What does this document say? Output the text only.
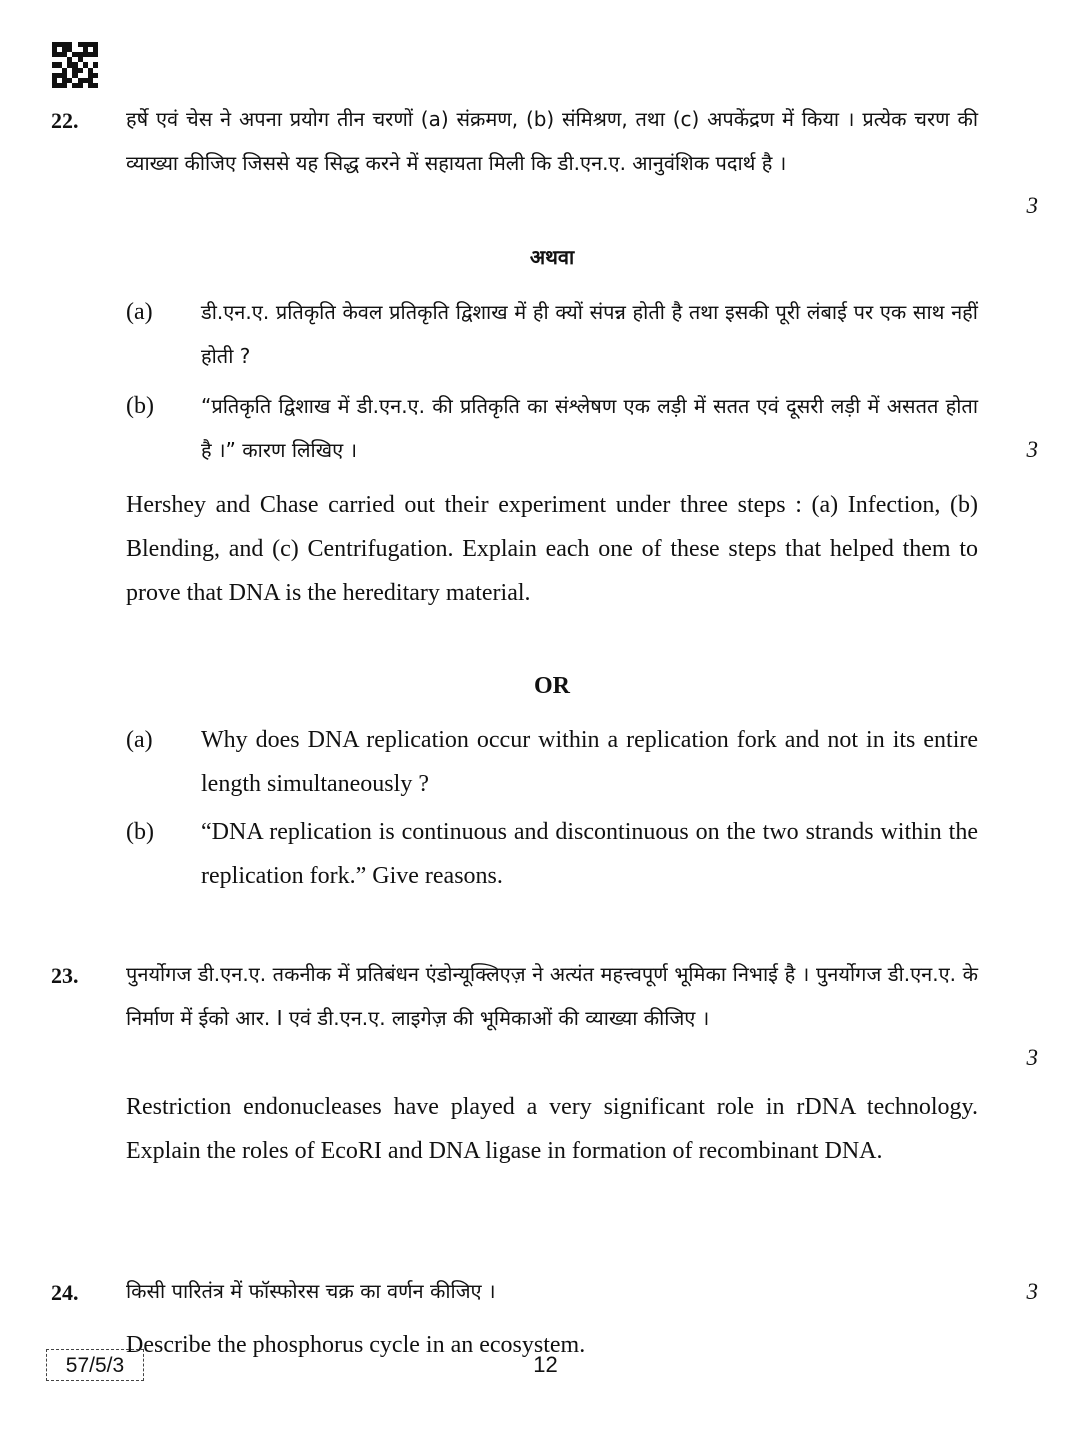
22. हर्षे एवं चेस ने अपना प्रयोग तीन चरणों (a) संक्रमण, (b) संमिश्रण, तथा (c) अपकेंद्रण में किया । प्रत्येक चरण की व्याख्या कीजिए जिससे यह सिद्ध करने में सहायता मिली कि डी.एन.ए. आनुवंशिक पदार्थ है ।
3
अथवा
(a) डी.एन.ए. प्रतिकृति केवल प्रतिकृति द्विशाख में ही क्यों संपन्न होती है तथा इसकी पूरी लंबाई पर एक साथ नहीं होती ?
(b) “प्रतिकृति द्विशाख में डी.एन.ए. की प्रतिकृति का संश्लेषण एक लड़ी में सतत एवं दूसरी लड़ी में असतत होता है ।” कारण लिखिए ।	3
Hershey and Chase carried out their experiment under three steps : (a) Infection, (b) Blending, and (c) Centrifugation. Explain each one of these steps that helped them to prove that DNA is the hereditary material.
OR
(a) Why does DNA replication occur within a replication fork and not in its entire length simultaneously ?
(b) “DNA replication is continuous and discontinuous on the two strands within the replication fork.” Give reasons.
23. पुनर्योगज डी.एन.ए. तकनीक में प्रतिबंधन एंडोन्यूक्लिएज़ ने अत्यंत महत्त्वपूर्ण भूमिका निभाई है । पुनर्योगज डी.एन.ए. के निर्माण में ईको आर. I एवं डी.एन.ए. लाइगेज़ की भूमिकाओं की व्याख्या कीजिए ।
3
Restriction endonucleases have played a very significant role in rDNA technology. Explain the roles of EcoRI and DNA ligase in formation of recombinant DNA.
24. किसी पारितंत्र में फॉस्फोरस चक्र का वर्णन कीजिए ।	3
Describe the phosphorus cycle in an ecosystem.
57/5/3	12
